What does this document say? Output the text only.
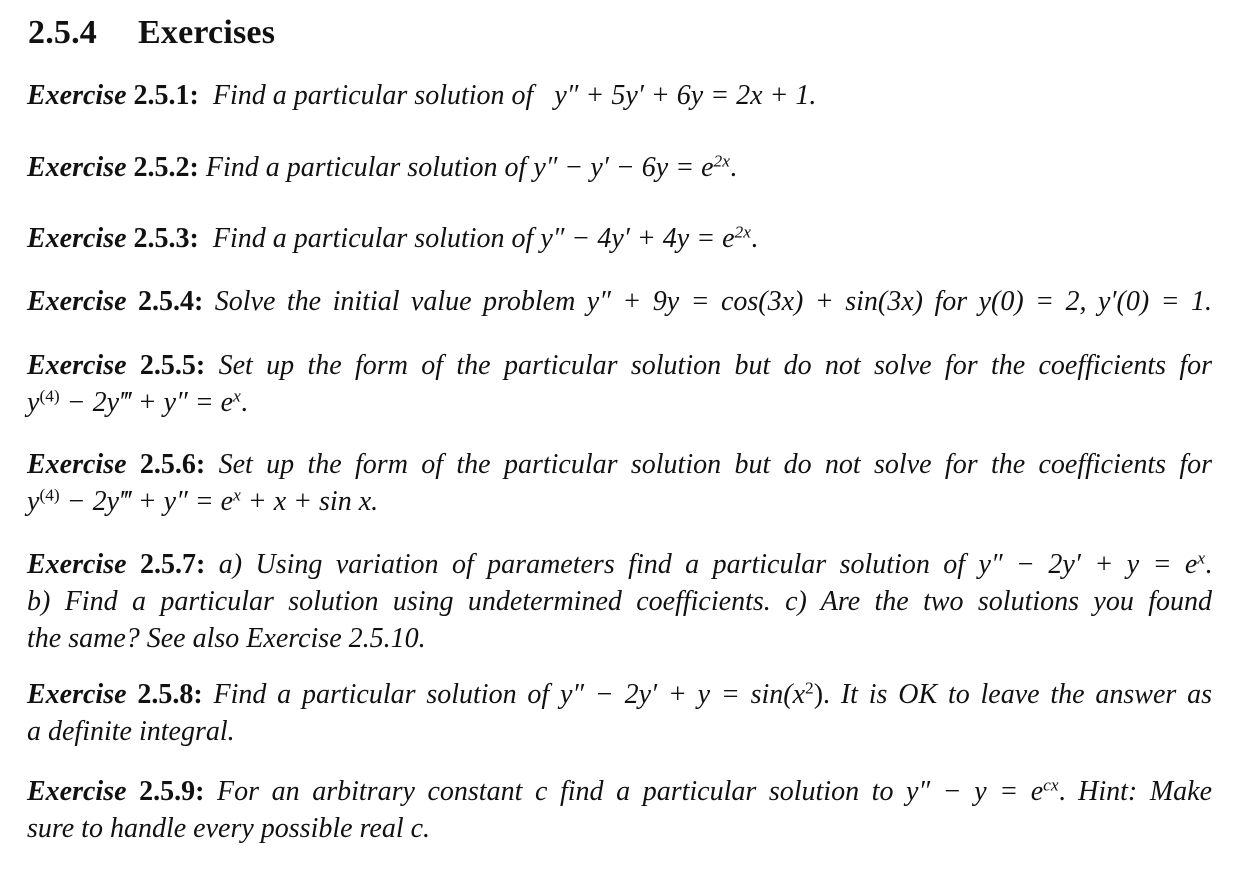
2.5.4 Exercises
Exercise 2.5.1: Find a particular solution of y″ + 5y′ + 6y = 2x + 1.
Exercise 2.5.2: Find a particular solution of $y'' - y' - 6y = e^{2x}$.
Exercise 2.5.3: Find a particular solution of $y'' - 4y' + 4y = e^{2x}$.
Exercise 2.5.4: Solve the initial value problem y″ + 9y = cos(3x) + sin(3x) for y(0) = 2, y′(0) = 1.
Exercise 2.5.5: Set up the form of the particular solution but do not solve for the coefficients for
$y^{(4)}$ − 2y‴ + $y'' = e^x$.
Exercise 2.5.6: Set up the form of the particular solution but do not solve for the coefficients for
$y^{(4)}$ − 2y‴ + $y'' = e^x + x + \sin x$.
Exercise 2.5.7: a) Using variation of parameters find a particular solution of $y'' - 2y' + y = e^x$.
b) Find a particular solution using undetermined coefficients. c) Are the two solutions you found
the same? See also Exercise 2.5.10.
Exercise 2.5.8: Find a particular solution of $y'' - 2y' + y = \sin(x^2)$. It is OK to leave the answer as
a definite integral.
Exercise 2.5.9: For an arbitrary constant c find a particular solution to $y'' - y = e^{cx}$. Hint: Make
sure to handle every possible real c.
